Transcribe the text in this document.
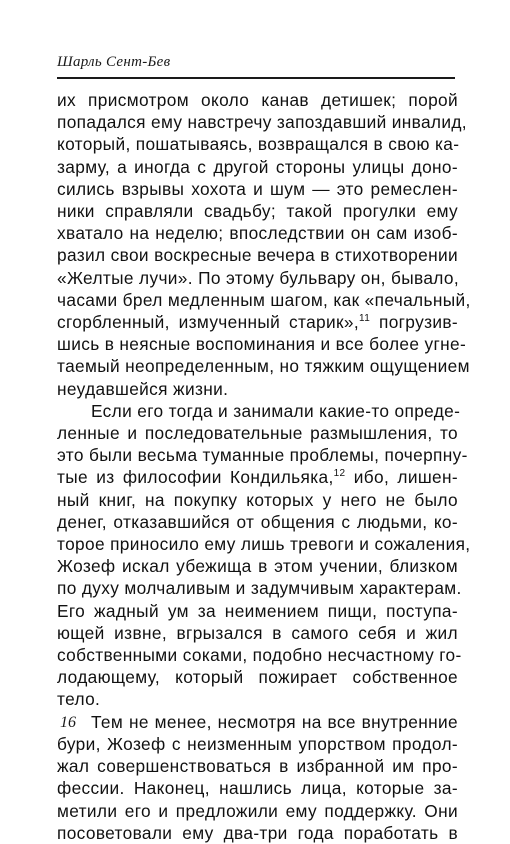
Шарль Сент-Бев
их присмотром около канав детишек; порой
попадался ему навстречу запоздавший инвалид,
который, пошатываясь, возвращался в свою ка-
зарму, а иногда с другой стороны улицы доно-
сились взрывы хохота и шум — это ремеслен-
ники справляли свадьбу; такой прогулки ему
хватало на неделю; впоследствии он сам изоб-
разил свои воскресные вечера в стихотворении
«Желтые лучи». По этому бульвару он, бывало,
часами брел медленным шагом, как «печальный,
сгорбленный, измученный старик»,$^{11}$ погрузив-
шись в неясные воспоминания и все более угне-
таемый неопределенным, но тяжким ощущением
неудавшейся жизни.
Если его тогда и занимали какие-то опреде-
ленные и последовательные размышления, то
это были весьма туманные проблемы, почерпну-
тые из философии Кондильяка,$^{12}$ ибо, лишен-
ный книг, на покупку которых у него не было
денег, отказавшийся от общения с людьми, ко-
торое приносило ему лишь тревоги и сожаления,
Жозеф искал убежища в этом учении, близком
по духу молчаливым и задумчивым характерам.
Его жадный ум за неимением пищи, поступа-
ющей извне, вгрызался в самого себя и жил
собственными соками, подобно несчастному го-
лодающему, который пожирает собственное
тело.
Тем не менее, несмотря на все внутренние
бури, Жозеф с неизменным упорством продол-
жал совершенствоваться в избранной им про-
фессии. Наконец, нашлись лица, которые за-
метили его и предложили ему поддержку. Они
посоветовали ему два-три года поработать в
16
